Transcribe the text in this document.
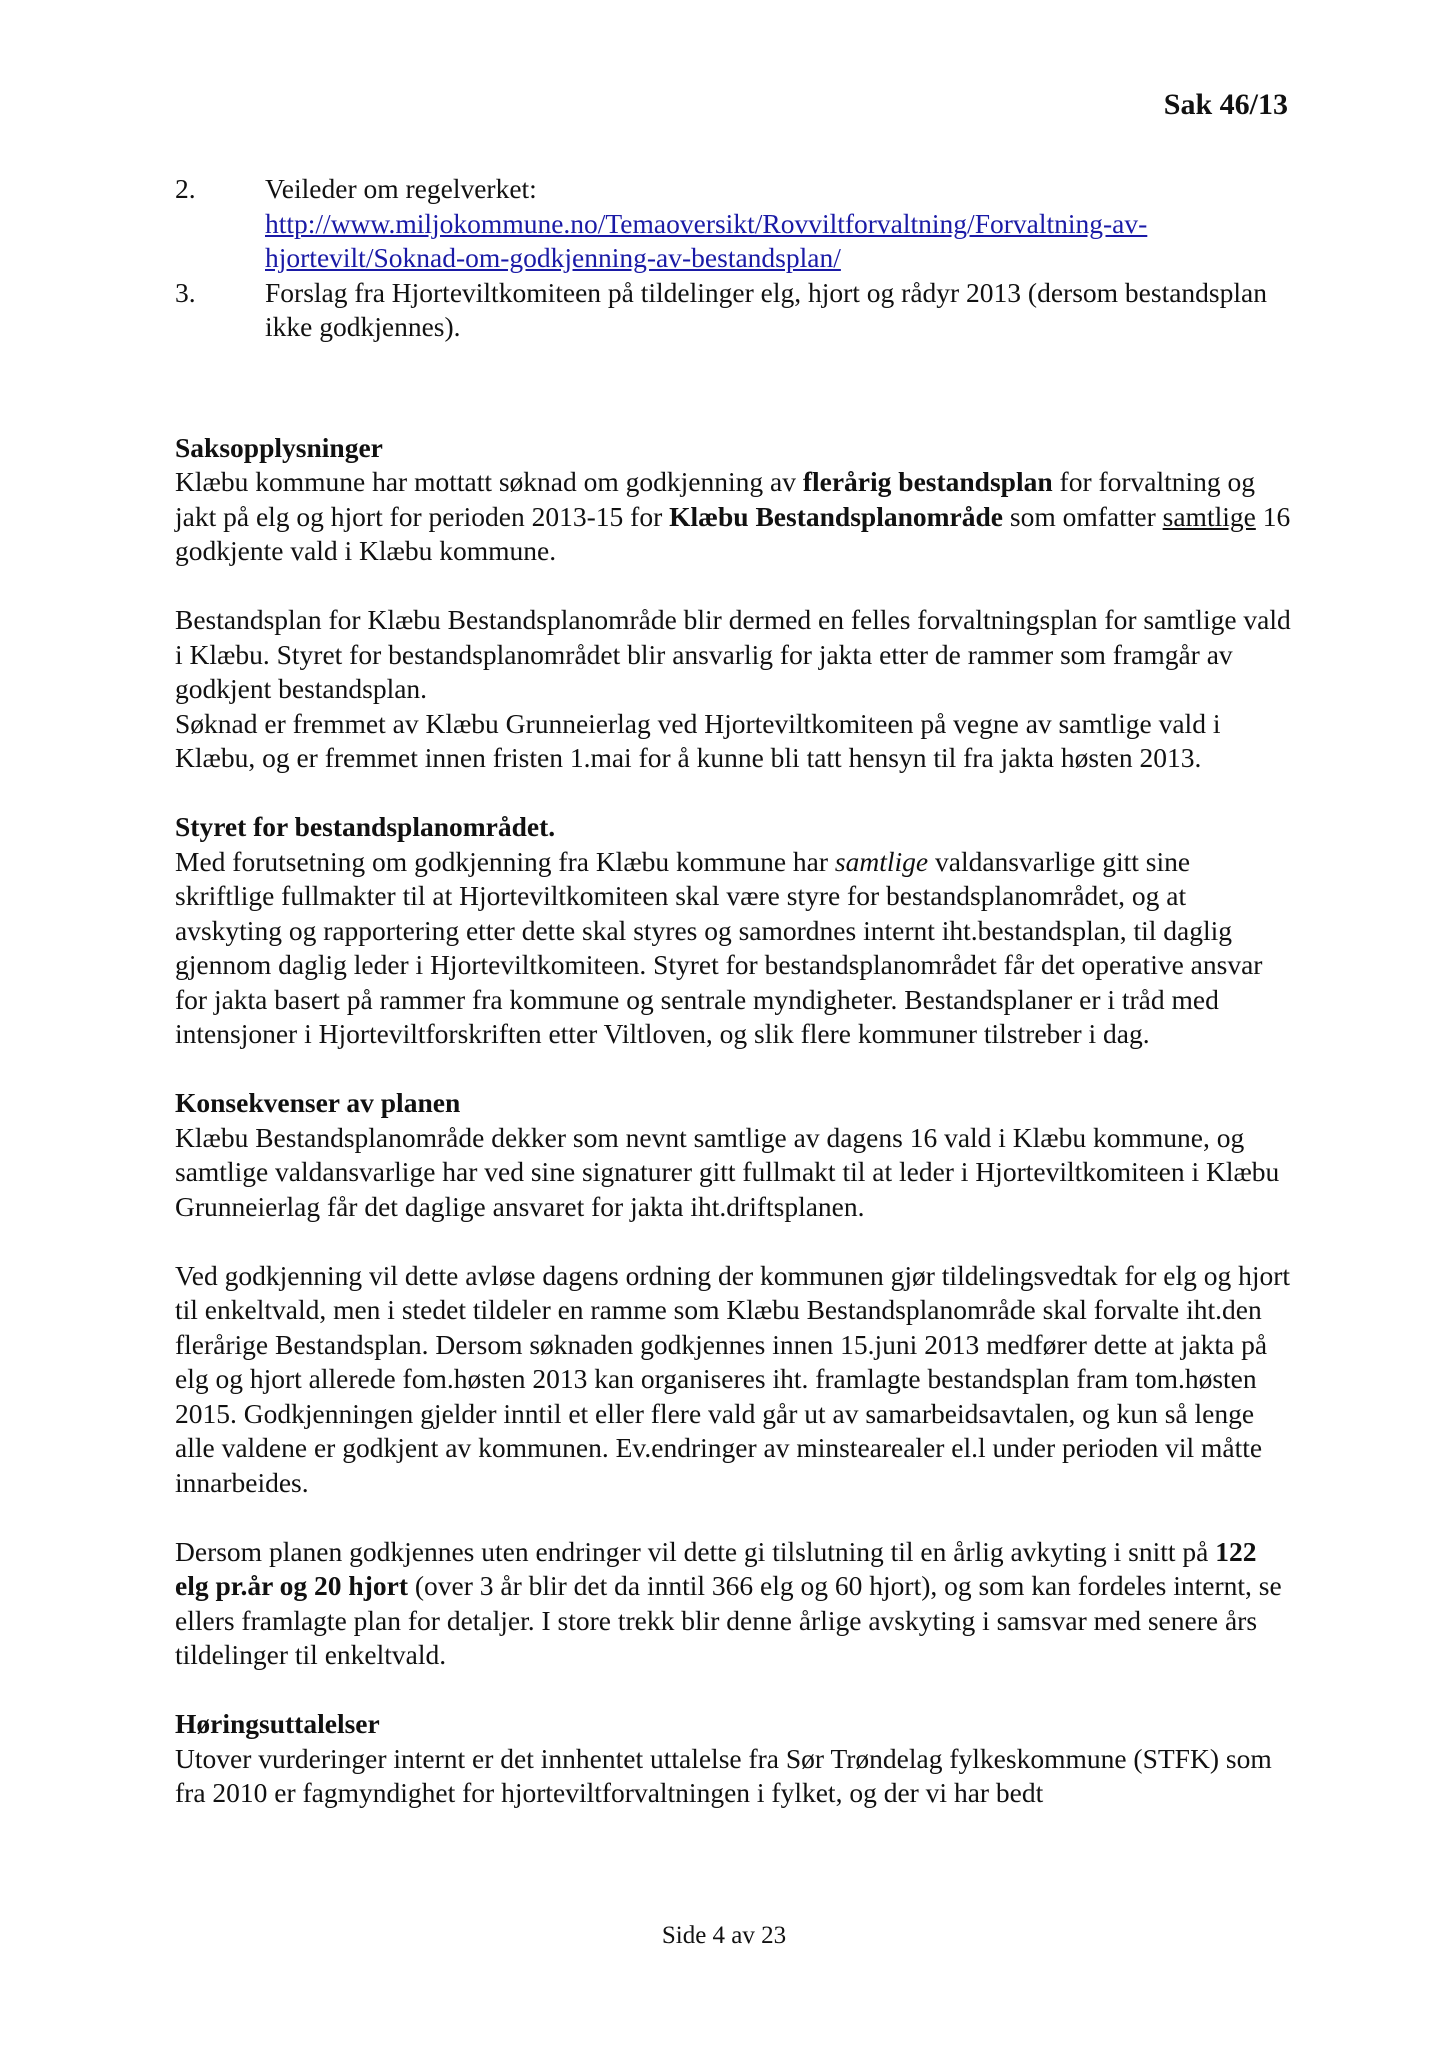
Sak 46/13
2.	Veileder om regelverket:
http://www.miljokommune.no/Temaoversikt/Rovviltforvaltning/Forvaltning-av-
hjortevilt/Soknad-om-godkjenning-av-bestandsplan/
3.	Forslag fra Hjorteviltkomiteen på tildelinger elg, hjort og rådyr 2013 (dersom bestandsplan ikke godkjennes).
Saksopplysninger

Klæbu kommune har mottatt søknad om godkjenning av flerårig bestandsplan for forvaltning og jakt på elg og hjort for perioden 2013-15 for Klæbu Bestandsplanområde som omfatter samtlige 16 godkjente vald i Klæbu kommune.

Bestandsplan for Klæbu Bestandsplanområde blir dermed en felles forvaltningsplan for samtlige vald i Klæbu. Styret for bestandsplanområdet blir ansvarlig for jakta etter de rammer som framgår av godkjent bestandsplan.

Søknad er fremmet av Klæbu Grunneierlag ved Hjorteviltkomiteen på vegne av samtlige vald i Klæbu, og er fremmet innen fristen 1.mai for å kunne bli tatt hensyn til fra jakta høsten 2013.

Styret for bestandsplanområdet.

Med forutsetning om godkjenning fra Klæbu kommune har samtlige valdansvarlige gitt sine skriftlige fullmakter til at Hjorteviltkomiteen skal være styre for bestandsplanområdet, og at avskyting og rapportering etter dette skal styres og samordnes internt iht.bestandsplan, til daglig gjennom daglig leder i Hjorteviltkomiteen. Styret for bestandsplanområdet får det operative ansvar for jakta basert på rammer fra kommune og sentrale myndigheter. Bestandsplaner er i tråd med intensjoner i Hjorteviltforskriften etter Viltloven, og slik flere kommuner tilstreber i dag.

Konsekvenser av planen

Klæbu Bestandsplanområde dekker som nevnt samtlige av dagens 16 vald i Klæbu kommune, og samtlige valdansvarlige har ved sine signaturer gitt fullmakt til at leder i Hjorteviltkomiteen i Klæbu Grunneierlag får det daglige ansvaret for jakta iht.driftsplanen.

Ved godkjenning vil dette avløse dagens ordning der kommunen gjør tildelingsvedtak for elg og hjort til enkeltvald, men i stedet tildeler en ramme som Klæbu Bestandsplanområde skal forvalte iht.den flerårige Bestandsplan. Dersom søknaden godkjennes innen 15.juni 2013 medfører dette at jakta på elg og hjort allerede fom.høsten 2013 kan organiseres iht. framlagte bestandsplan fram tom.høsten 2015. Godkjenningen gjelder inntil et eller flere vald går ut av samarbeidsavtalen, og kun så lenge alle valdene er godkjent av kommunen. Ev.endringer av minstearealer el.l under perioden vil måtte innarbeides.

Dersom planen godkjennes uten endringer vil dette gi tilslutning til en årlig avkyting i snitt på 122 elg pr.år og 20 hjort (over 3 år blir det da inntil 366 elg og 60 hjort), og som kan fordeles internt, se ellers framlagte plan for detaljer. I store trekk blir denne årlige avskyting i samsvar med senere års tildelinger til enkeltvald.

Høringsuttalelser

Utover vurderinger internt er det innhentet uttalelse fra Sør Trøndelag fylkeskommune (STFK) som fra 2010 er fagmyndighet for hjorteviltforvaltningen i fylket, og der vi har bedt

Side 4 av 23
